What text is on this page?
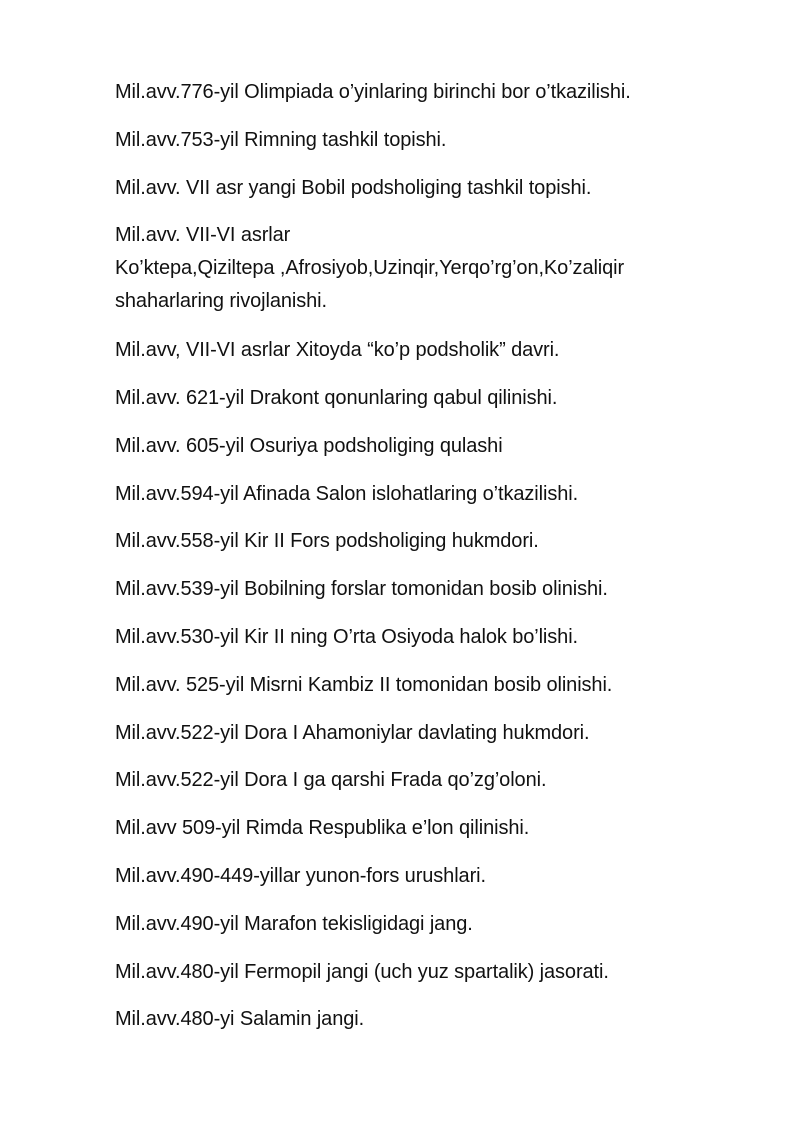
Mil.avv.776-yil Olimpiada o’yinlaring birinchi bor o’tkazilishi.

Mil.avv.753-yil Rimning tashkil topishi.

Mil.avv. VII asr yangi Bobil podsholiging tashkil topishi.

Mil.avv. VII-VI asrlar
Ko’ktepa,Qiziltepa ,Afrosiyob,Uzinqir,Yerqo’rg’on,Ko’zaliqir
shaharlaring rivojlanishi.

Mil.avv, VII-VI asrlar Xitoyda “ko’p podsholik” davri.

Mil.avv. 621-yil Drakont qonunlaring qabul qilinishi.

Mil.avv. 605-yil Osuriya podsholiging qulashi

Mil.avv.594-yil Afinada Salon islohatlaring o’tkazilishi.

Mil.avv.558-yil Kir II Fors podsholiging hukmdori.

Mil.avv.539-yil Bobilning forslar tomonidan bosib olinishi.

Mil.avv.530-yil Kir II ning O’rta Osiyoda halok bo’lishi.

Mil.avv. 525-yil Misrni Kambiz II tomonidan bosib olinishi.

Mil.avv.522-yil Dora I Ahamoniylar davlating hukmdori.

Mil.avv.522-yil Dora I ga qarshi Frada qo’zg’oloni.

Mil.avv 509-yil Rimda Respublika e’lon qilinishi.

Mil.avv.490-449-yillar yunon-fors urushlari.

Mil.avv.490-yil Marafon tekisligidagi jang.

Mil.avv.480-yil Fermopil jangi (uch yuz spartalik) jasorati.

Mil.avv.480-yi Salamin jangi.
